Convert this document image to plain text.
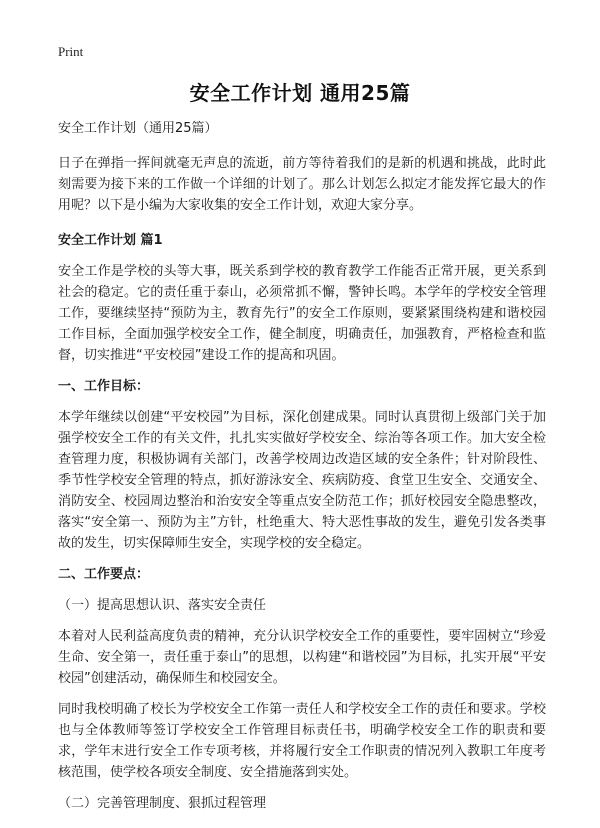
Print
安全工作计划 通用25篇

安全工作计划（通用25篇）

日子在弹指一挥间就毫无声息的流逝，前方等待着我们的是新的机遇和挑战，此时此刻需要为接下来的工作做一个详细的计划了。那么计划怎么拟定才能发挥它最大的作用呢？以下是小编为大家收集的安全工作计划，欢迎大家分享。

安全工作计划 篇1

安全工作是学校的头等大事，既关系到学校的教育教学工作能否正常开展，更关系到社会的稳定。它的责任重于泰山，必须常抓不懈，警钟长鸣。本学年的学校安全管理工作，要继续坚持“预防为主，教育先行”的安全工作原则，要紧紧围绕构建和谐校园工作目标，全面加强学校安全工作，健全制度，明确责任，加强教育，严格检查和监督，切实推进“平安校园”建设工作的提高和巩固。

一、工作目标：

本学年继续以创建“平安校园”为目标，深化创建成果。同时认真贯彻上级部门关于加强学校安全工作的有关文件，扎扎实实做好学校安全、综治等各项工作。加大安全检查管理力度，积极协调有关部门，改善学校周边改造区域的安全条件；针对阶段性、季节性学校安全管理的特点，抓好游泳安全、疾病防疫、食堂卫生安全、交通安全、消防安全、校园周边整治和治安安全等重点安全防范工作；抓好校园安全隐患整改，落实“安全第一、预防为主”方针，杜绝重大、特大恶性事故的发生，避免引发各类事故的发生，切实保障师生安全，实现学校的安全稳定。

二、工作要点：

（一）提高思想认识、落实安全责任

本着对人民利益高度负责的精神，充分认识学校安全工作的重要性，要牢固树立“珍爱生命、安全第一，责任重于泰山”的思想，以构建“和谐校园”为目标，扎实开展“平安校园”创建活动，确保师生和校园安全。

同时我校明确了校长为学校安全工作第一责任人和学校安全工作的责任和要求。学校也与全体教师等签订学校安全工作管理目标责任书，明确学校安全工作的职责和要求，学年末进行安全工作专项考核，并将履行安全工作职责的情况列入教职工年度考核范围，使学校各项安全制度、安全措施落到实处。

（二）完善管理制度、狠抓过程管理
